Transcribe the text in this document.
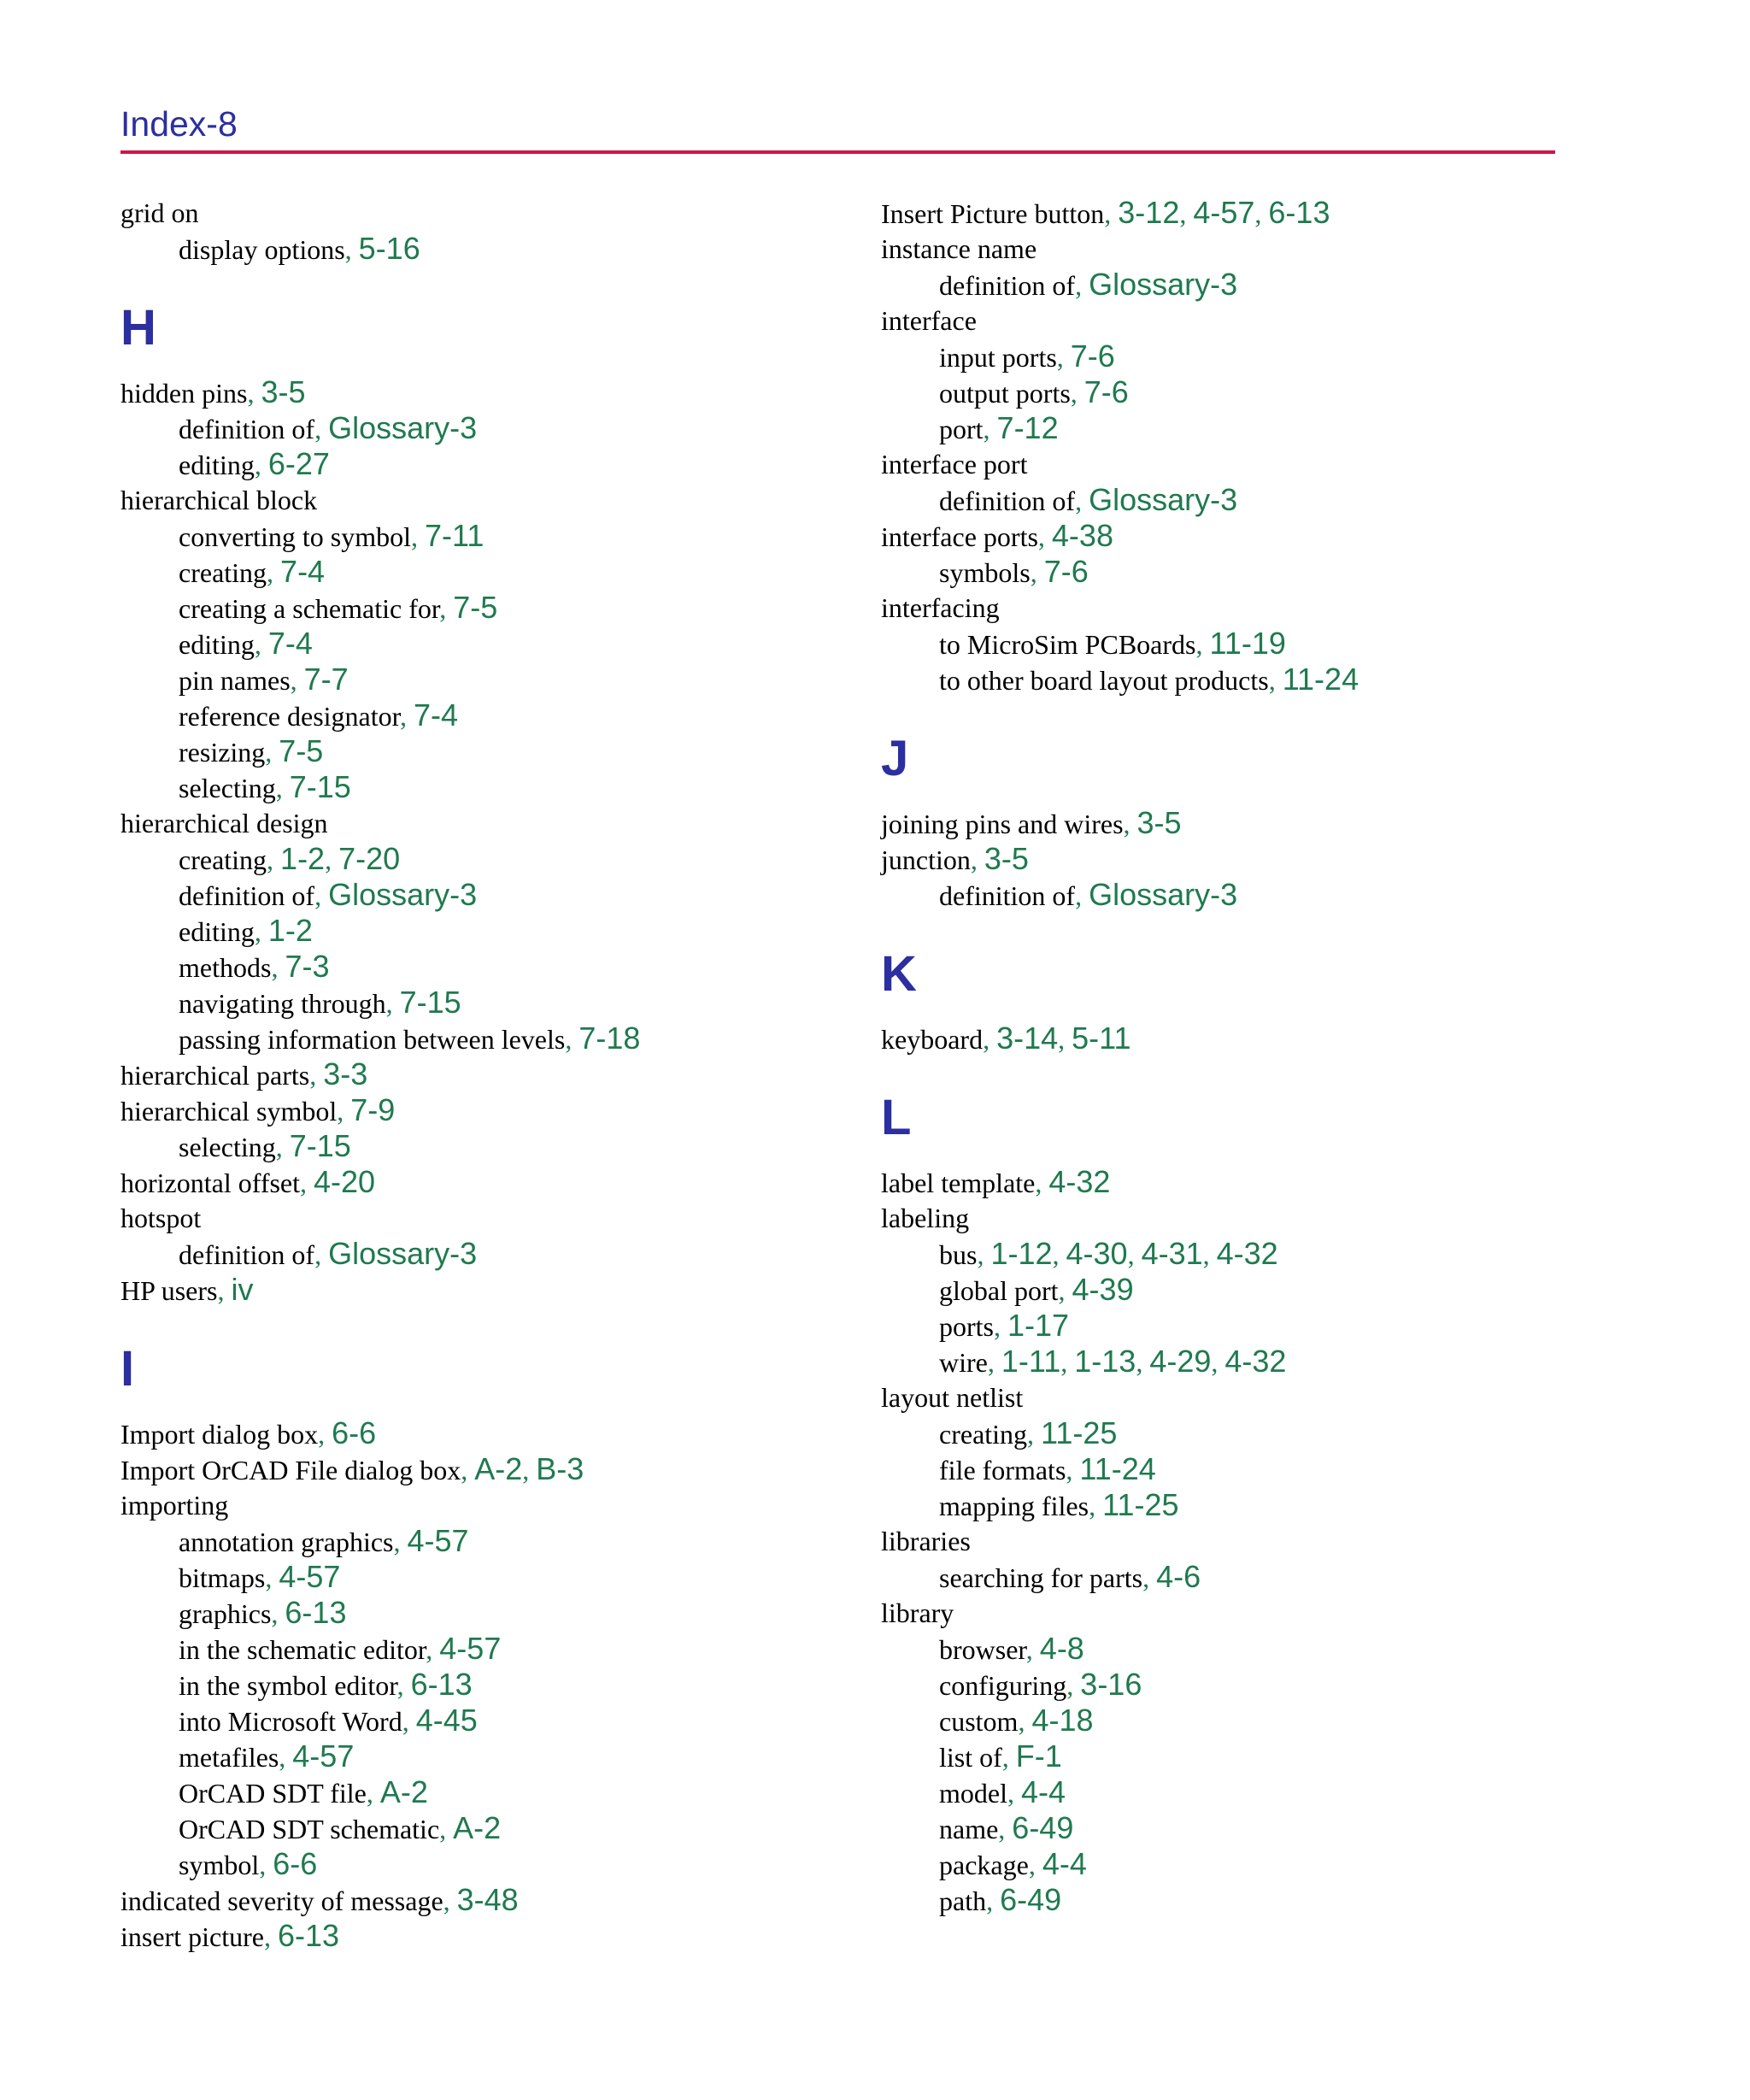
Index-8
grid on
display options, 5-16
H
hidden pins, 3-5
definition of, Glossary-3
editing, 6-27
hierarchical block
converting to symbol, 7-11
creating, 7-4
creating a schematic for, 7-5
editing, 7-4
pin names, 7-7
reference designator, 7-4
resizing, 7-5
selecting, 7-15
hierarchical design
creating, 1-2, 7-20
definition of, Glossary-3
editing, 1-2
methods, 7-3
navigating through, 7-15
passing information between levels, 7-18
hierarchical parts, 3-3
hierarchical symbol, 7-9
selecting, 7-15
horizontal offset, 4-20
hotspot
definition of, Glossary-3
HP users, iv
I
Import dialog box, 6-6
Import OrCAD File dialog box, A-2, B-3
importing
annotation graphics, 4-57
bitmaps, 4-57
graphics, 6-13
in the schematic editor, 4-57
in the symbol editor, 6-13
into Microsoft Word, 4-45
metafiles, 4-57
OrCAD SDT file, A-2
OrCAD SDT schematic, A-2
symbol, 6-6
indicated severity of message, 3-48
insert picture, 6-13
Insert Picture button, 3-12, 4-57, 6-13
instance name
definition of, Glossary-3
interface
input ports, 7-6
output ports, 7-6
port, 7-12
interface port
definition of, Glossary-3
interface ports, 4-38
symbols, 7-6
interfacing
to MicroSim PCBoards, 11-19
to other board layout products, 11-24
J
joining pins and wires, 3-5
junction, 3-5
definition of, Glossary-3
K
keyboard, 3-14, 5-11
L
label template, 4-32
labeling
bus, 1-12, 4-30, 4-31, 4-32
global port, 4-39
ports, 1-17
wire, 1-11, 1-13, 4-29, 4-32
layout netlist
creating, 11-25
file formats, 11-24
mapping files, 11-25
libraries
searching for parts, 4-6
library
browser, 4-8
configuring, 3-16
custom, 4-18
list of, F-1
model, 4-4
name, 6-49
package, 4-4
path, 6-49
